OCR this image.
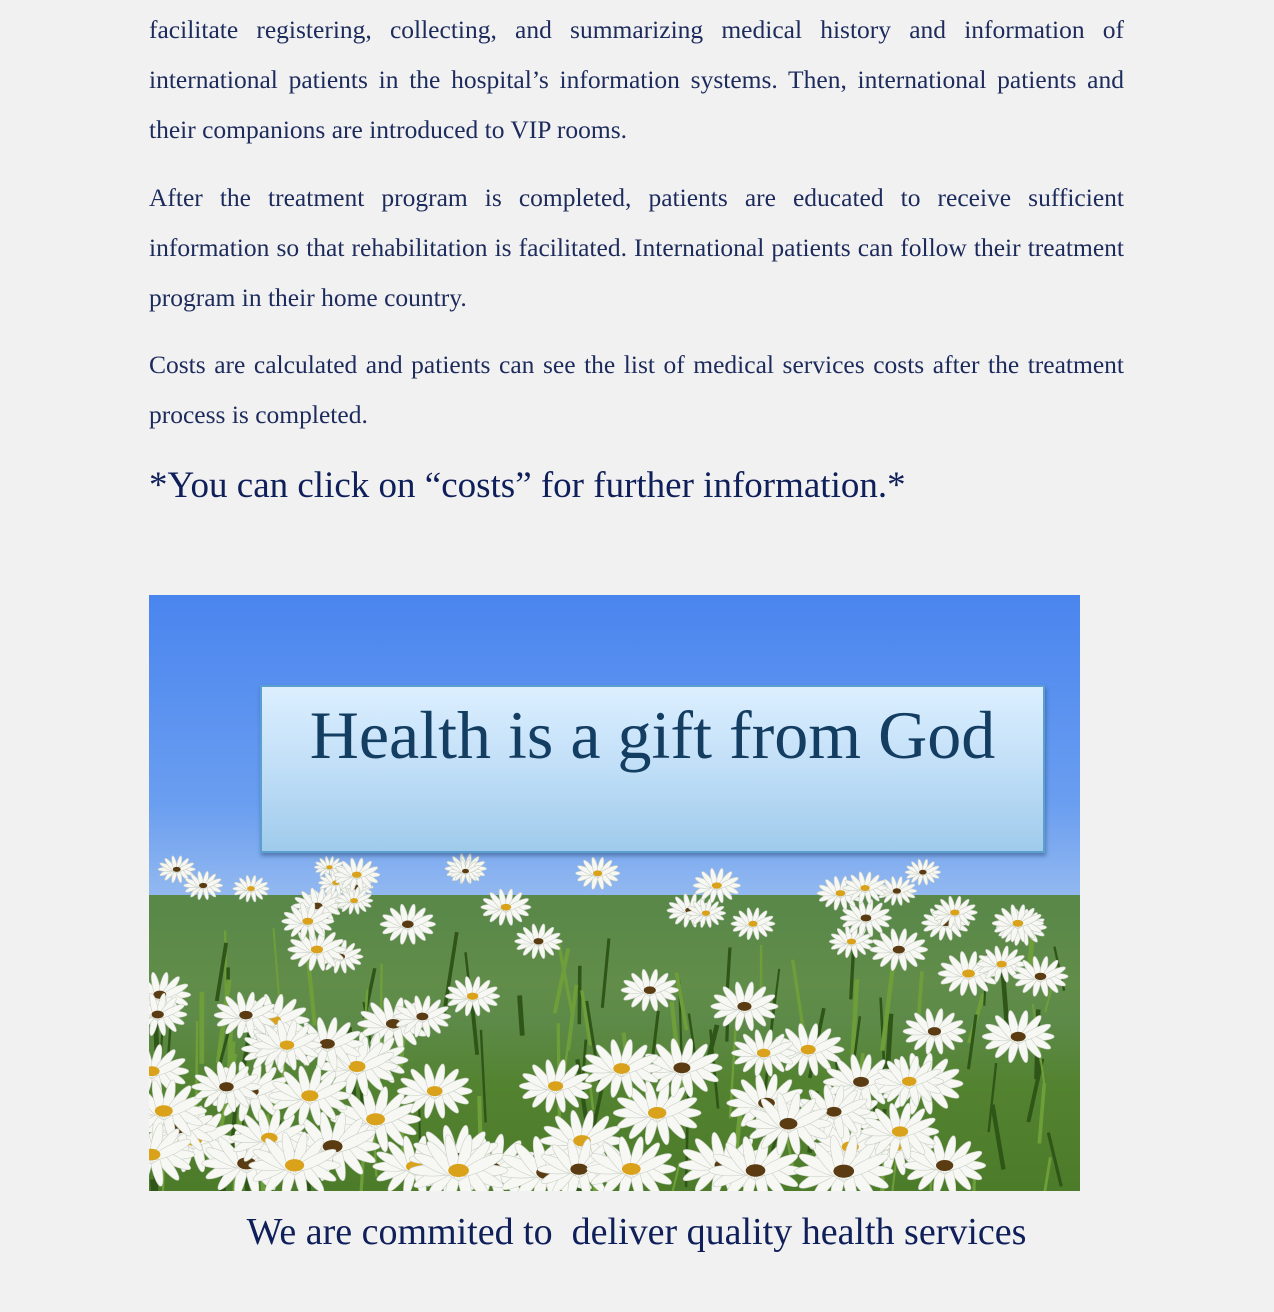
facilitate registering, collecting, and summarizing medical history and information of international patients in the hospital’s information systems. Then, international patients and their companions are introduced to VIP rooms.

After the treatment program is completed, patients are educated to receive sufficient information so that rehabilitation is facilitated. International patients can follow their treatment program in their home country.

Costs are calculated and patients can see the list of medical services costs after the treatment process is completed.

*You can click on “costs” for further information.*

Health is a gift from God
We are commited to  deliver quality health services
